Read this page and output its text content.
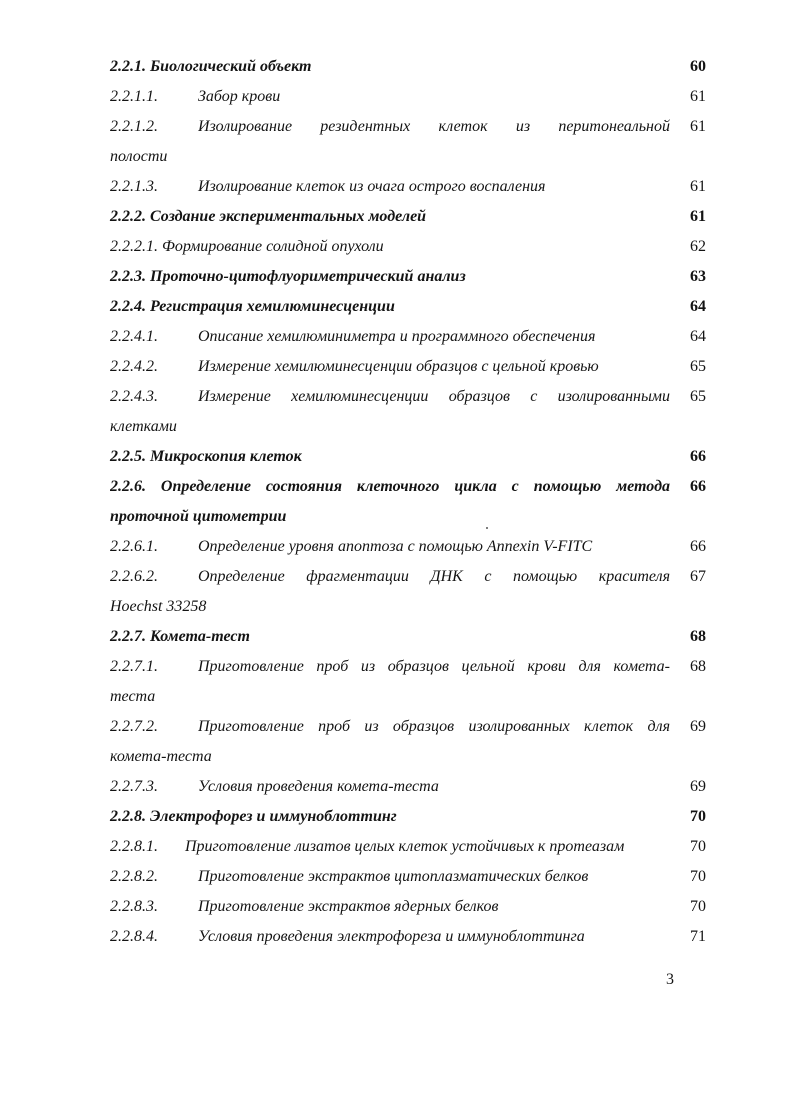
2.2.1. Биологический объект	60
2.2.1.1.	Забор крови	61
2.2.1.2.	Изолирование резидентных клеток из перитонеальной 61
полости
2.2.1.3.	Изолирование клеток из очага острого воспаления	61
2.2.2. Создание экспериментальных моделей	61
2.2.2.1. Формирование солидной опухоли	62
2.2.3. Проточно-цитофлуориметрический анализ	63
2.2.4. Регистрация хемилюминесценции	64
2.2.4.1.	Описание хемилюминиметра и программного обеспечения	64
2.2.4.2.	Измерение хемилюминесценции образцов с цельной кровью	65
2.2.4.3.	Измерение хемилюминесценции образцов с изолированными 65
клетками
2.2.5. Микроскопия клеток	66
2.2.6. Определение состояния клеточного цикла с помощью метода 66
проточной цитометрии
2.2.6.1.	Определение уровня апоптоза с помощью Annexin V-FITC	66
2.2.6.2.	Определение фрагментации ДНК с помощью красителя 67
Hoechst 33258
2.2.7. Комета-тест	68
2.2.7.1.	Приготовление проб из образцов цельной крови для комета- 68
теста
2.2.7.2.	Приготовление проб из образцов изолированных клеток для 69
комета-теста
2.2.7.3.	Условия проведения комета-теста	69
2.2.8. Электрофорез и иммуноблоттинг	70
2.2.8.1. Приготовление лизатов целых клеток устойчивых к протеазам	70
2.2.8.2.	Приготовление экстрактов цитоплазматических белков	70
2.2.8.3.	Приготовление экстрактов ядерных белков	70
2.2.8.4.	Условия проведения электрофореза и иммуноблоттинга	71
3
